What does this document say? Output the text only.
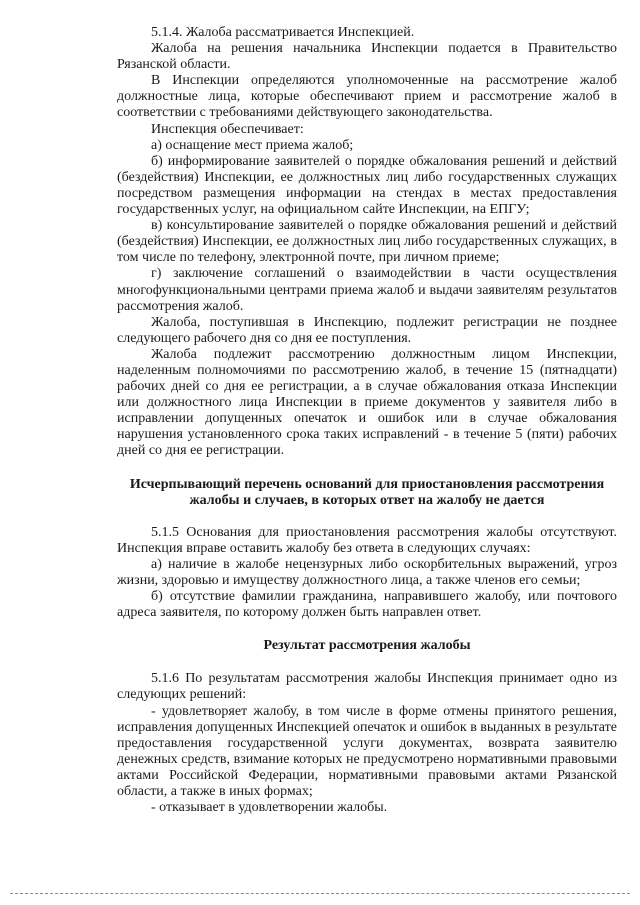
5.1.4. Жалоба рассматривается Инспекцией.

Жалоба на решения начальника Инспекции подается в Правительство Рязанской области.

В Инспекции определяются уполномоченные на рассмотрение жалоб должностные лица, которые обеспечивают прием и рассмотрение жалоб в соответствии с требованиями действующего законодательства.

Инспекция обеспечивает:

а) оснащение мест приема жалоб;

б) информирование заявителей о порядке обжалования решений и действий (бездействия) Инспекции, ее должностных лиц либо государственных служащих посредством размещения информации на стендах в местах предоставления государственных услуг, на официальном сайте Инспекции, на ЕПГУ;

в) консультирование заявителей о порядке обжалования решений и действий (бездействия) Инспекции, ее должностных лиц либо государственных служащих, в том числе по телефону, электронной почте, при личном приеме;

г) заключение соглашений о взаимодействии в части осуществления многофункциональными центрами приема жалоб и выдачи заявителям результатов рассмотрения жалоб.

Жалоба, поступившая в Инспекцию, подлежит регистрации не позднее следующего рабочего дня со дня ее поступления.

Жалоба подлежит рассмотрению должностным лицом Инспекции, наделенным полномочиями по рассмотрению жалоб, в течение 15 (пятнадцати) рабочих дней со дня ее регистрации, а в случае обжалования отказа Инспекции или должностного лица Инспекции в приеме документов у заявителя либо в исправлении допущенных опечаток и ошибок или в случае обжалования нарушения установленного срока таких исправлений - в течение 5 (пяти) рабочих дней со дня ее регистрации.

Исчерпывающий перечень оснований для приостановления рассмотрения жалобы и случаев, в которых ответ на жалобу не дается

5.1.5 Основания для приостановления рассмотрения жалобы отсутствуют. Инспекция вправе оставить жалобу без ответа в следующих случаях:

а) наличие в жалобе нецензурных либо оскорбительных выражений, угроз жизни, здоровью и имуществу должностного лица, а также членов его семьи;

б) отсутствие фамилии гражданина, направившего жалобу, или почтового адреса заявителя, по которому должен быть направлен ответ.

Результат рассмотрения жалобы

5.1.6 По результатам рассмотрения жалобы Инспекция принимает одно из следующих решений:

- удовлетворяет жалобу, в том числе в форме отмены принятого решения, исправления допущенных Инспекцией опечаток и ошибок в выданных в результате предоставления государственной услуги документах, возврата заявителю денежных средств, взимание которых не предусмотрено нормативными правовыми актами Российской Федерации, нормативными правовыми актами Рязанской области, а также в иных формах;

- отказывает в удовлетворении жалобы.
